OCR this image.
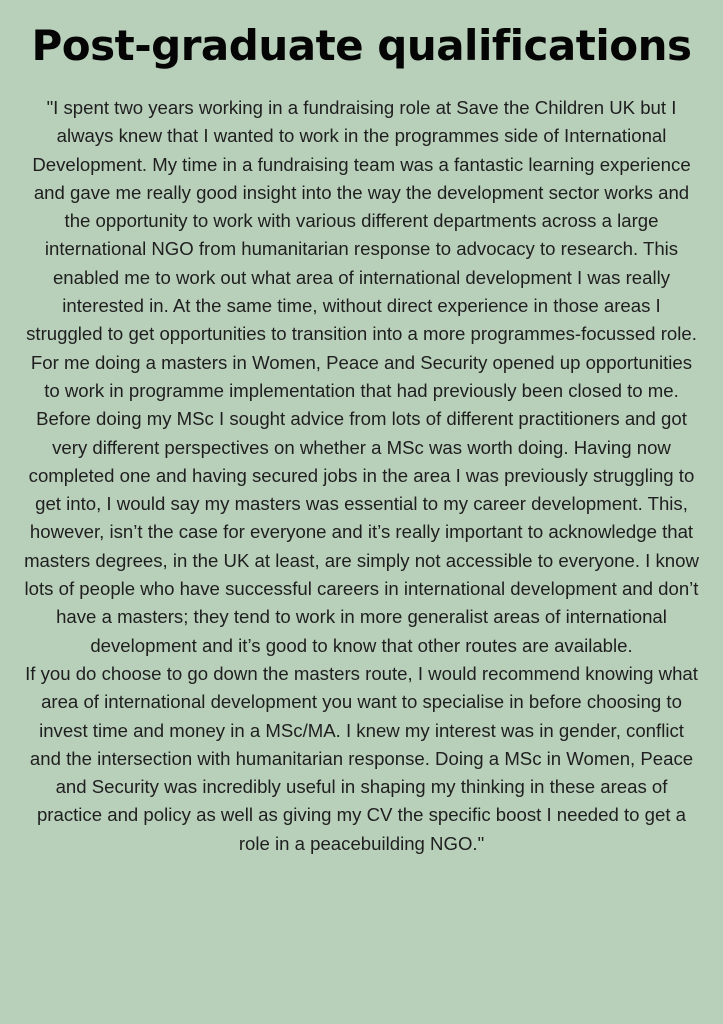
Post-graduate qualifications

"I spent two years working in a fundraising role at Save the Children UK but I always knew that I wanted to work in the programmes side of International Development. My time in a fundraising team was a fantastic learning experience and gave me really good insight into the way the development sector works and the opportunity to work with various different departments across a large international NGO from humanitarian response to advocacy to research. This enabled me to work out what area of international development I was really interested in. At the same time, without direct experience in those areas I struggled to get opportunities to transition into a more programmes-focussed role.

For me doing a masters in Women, Peace and Security opened up opportunities to work in programme implementation that had previously been closed to me. Before doing my MSc I sought advice from lots of different practitioners and got very different perspectives on whether a MSc was worth doing. Having now completed one and having secured jobs in the area I was previously struggling to get into, I would say my masters was essential to my career development. This, however, isn’t the case for everyone and it’s really important to acknowledge that masters degrees, in the UK at least, are simply not accessible to everyone. I know lots of people who have successful careers in international development and don’t have a masters; they tend to work in more generalist areas of international development and it’s good to know that other routes are available.

If you do choose to go down the masters route, I would recommend knowing what area of international development you want to specialise in before choosing to invest time and money in a MSc/MA. I knew my interest was in gender, conflict and the intersection with humanitarian response. Doing a MSc in Women, Peace and Security was incredibly useful in shaping my thinking in these areas of practice and policy as well as giving my CV the specific boost I needed to get a role in a peacebuilding NGO."
